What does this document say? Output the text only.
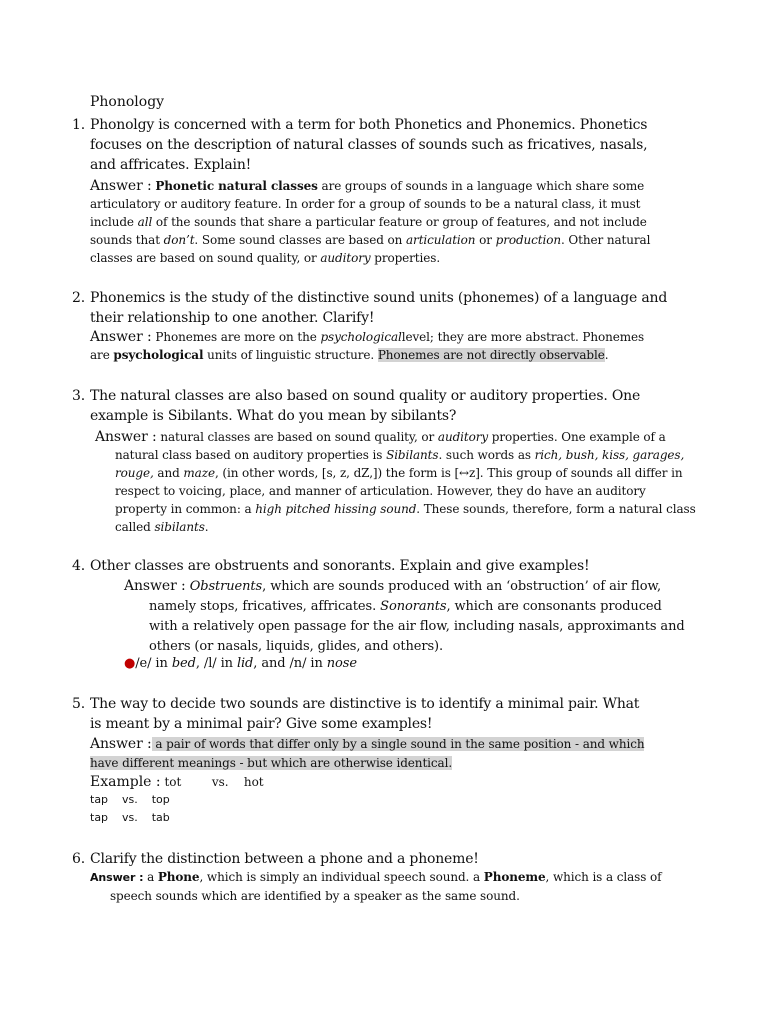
Phonology
1. Phonolgy is concerned with a term for both Phonetics and Phonemics. Phonetics focuses on the description of natural classes of sounds such as fricatives, nasals, and affricates. Explain!
Answer : Phonetic natural classes are groups of sounds in a language which share some articulatory or auditory feature. In order for a group of sounds to be a natural class, it must include all of the sounds that share a particular feature or group of features, and not include sounds that don’t. Some sound classes are based on articulation or production. Other natural classes are based on sound quality, or auditory properties.
2. Phonemics is the study of the distinctive sound units (phonemes) of a language and their relationship to one another. Clarify!
Answer : Phonemes are more on the psychologicallevel; they are more abstract. Phonemes are psychological units of linguistic structure. Phonemes are not directly observable.
3. The natural classes are also based on sound quality or auditory properties. One example is Sibilants. What do you mean by sibilants?
Answer : natural classes are based on sound quality, or auditory properties. One example of a natural class based on auditory properties is Sibilants. such words as rich, bush, kiss, garages, rouge, and maze, (in other words, [s, z, dZ,]) the form is [↔z]. This group of sounds all differ in respect to voicing, place, and manner of articulation. However, they do have an auditory property in common: a high pitched hissing sound. These sounds, therefore, form a natural class called sibilants.
4. Other classes are obstruents and sonorants. Explain and give examples!
Answer : Obstruents, which are sounds produced with an ‘obstruction’ of air flow, namely stops, fricatives, affricates. Sonorants, which are consonants produced with a relatively open passage for the air flow, including nasals, approximants and others (or nasals, liquids, glides, and others).
●/e/ in bed, /l/ in lid, and /n/ in nose
5. The way to decide two sounds are distinctive is to identify a minimal pair. What is meant by a minimal pair? Give some examples!
Answer : a pair of words that differ only by a single sound in the same position - and which have different meanings - but which are otherwise identical.
Example : tot        vs.    hot
tap    vs.    top
tap    vs.    tab
6. Clarify the distinction between a phone and a phoneme!
Answer : a Phone, which is simply an individual speech sound. a Phoneme, which is a class of speech sounds which are identified by a speaker as the same sound.
